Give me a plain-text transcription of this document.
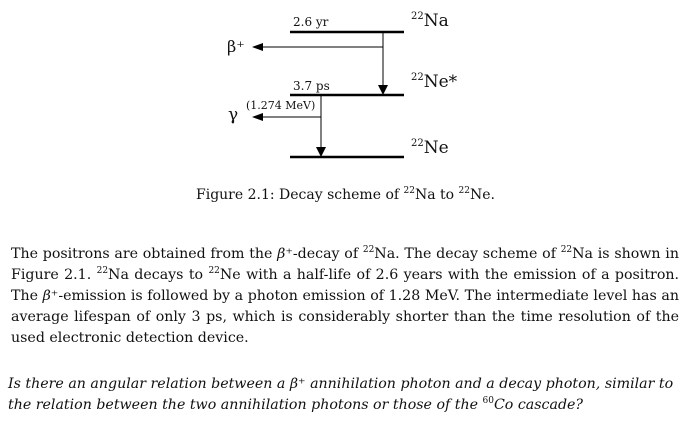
$^{22}$Na
$^{22}$Ne*
$^{22}$Ne
2.6 yr
3.7 ps
(1.274 MeV)
β⁺
γ
Figure 2.1: Decay scheme of $^{22}$Na to $^{22}$Ne.
The positrons are obtained from the β⁺-decay of $^{22}$Na. The decay scheme of $^{22}$Na is shown in Figure 2.1. $^{22}$Na decays to $^{22}$Ne with a half-life of 2.6 years with the emission of a positron. The β⁺-emission is followed by a photon emission of 1.28 MeV. The intermediate level has an average lifespan of only 3 ps, which is considerably shorter than the time resolution of the used electronic detection device.
Is there an angular relation between a β⁺ annihilation photon and a decay photon, similar to the relation between the two annihilation photons or those of the $^{60}$Co cascade?
